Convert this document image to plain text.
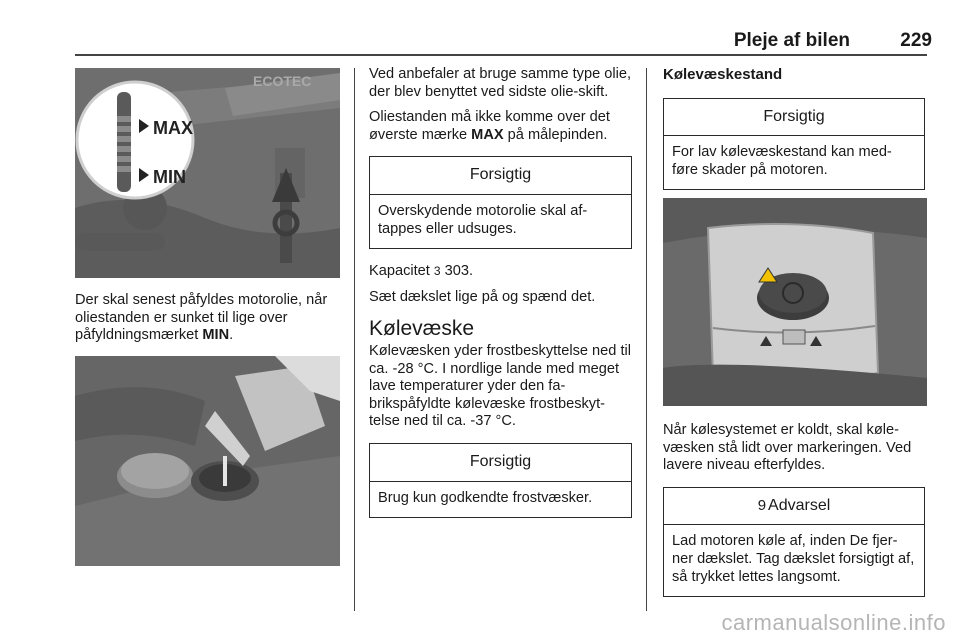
Pleje af bilen	229
ECOTEC
MAX
MIN

Der skal senest påfyldes motorolie, når oliestanden er sunket til lige over påfyldningsmærket MIN.

Ved anbefaler at bruge samme type olie, der blev benyttet ved sidste olie-skift.

Oliestanden må ikke komme over det øverste mærke MAX på målepinden.

Forsigtig
Overskydende motorolie skal af-tappes eller udsuges.

Kapacitet 3 303.

Sæt dækslet lige på og spænd det.

Kølevæske

Kølevæsken yder frostbeskyttelse ned til ca. -28 °C. I nordlige lande med meget lave temperaturer yder den fa-brikspåfyldte kølevæske frostbeskyt-telse ned til ca. -37 °C.

Forsigtig
Brug kun godkendte frostvæsker.
Kølevæskestand
Forsigtig
For lav kølevæskestand kan med-føre skader på motoren.

Når kølesystemet er koldt, skal køle-væsken stå lidt over markeringen. Ved lavere niveau efterfyldes.

9 Advarsel
Lad motoren køle af, inden De fjer-ner dækslet. Tag dækslet forsigtigt af, så trykket lettes langsomt.
carmanualsonline.info
